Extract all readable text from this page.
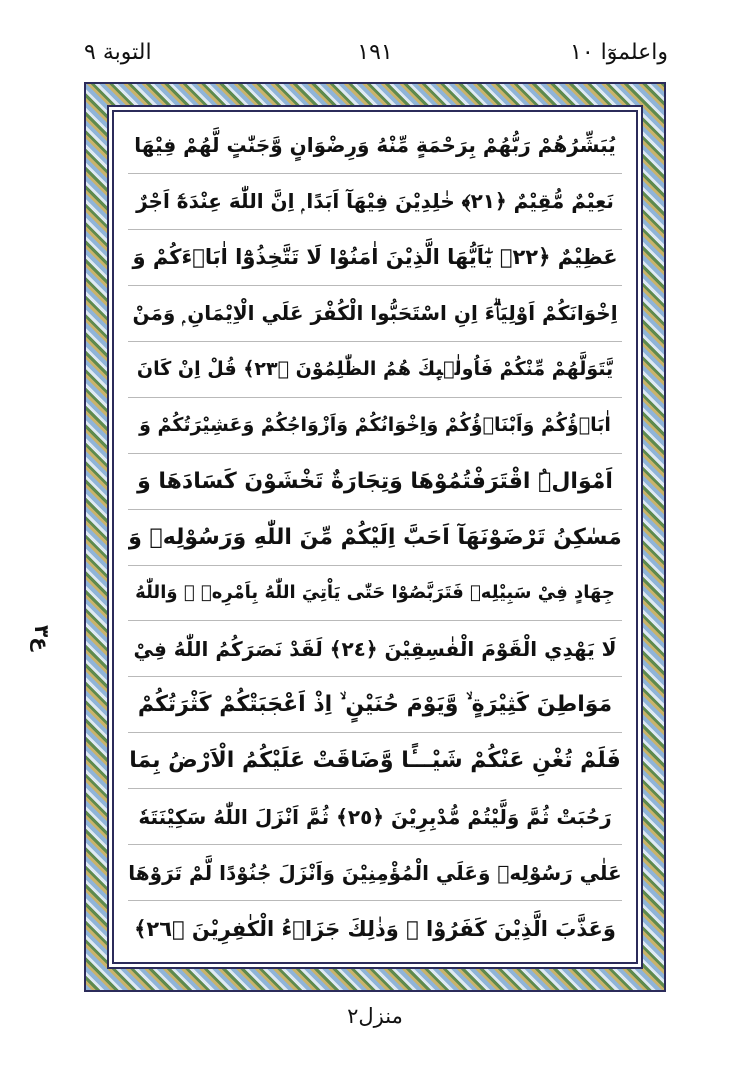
واعلموٓا ١٠
١٩١
التوبة ٩
ع٣
يُبَشِّرُهُمْ رَبُّهُمْ بِرَحْمَةٍ مِّنْهُ وَرِضْوَانٍ وَّجَنّٰتٍ لَّهُمْ فِيْهَا
نَعِيْمٌ مُّقِيْمٌ ﴿٢١﴾ خٰلِدِيْنَ فِيْهَآ اَبَدًا ۭ اِنَّ اللّٰهَ عِنْدَهٗٓ اَجْرٌ
عَظِيْمٌ ﴿٢٢﴾ يٰٓاَيُّهَا الَّذِيْنَ اٰمَنُوْا لَا تَتَّخِذُوْٓا اٰبَاۗءَكُمْ وَ
اِخْوَانَكُمْ اَوْلِيَاۗءَ اِنِ اسْتَحَبُّوا الْكُفْرَ عَلَي الْاِيْمَانِ ۭ وَمَنْ
يَّتَوَلَّهُمْ مِّنْكُمْ فَاُولٰۗىِٕكَ هُمُ الظّٰلِمُوْنَ ﴿٢٣﴾ قُلْ اِنْ كَانَ
اٰبَاۗؤُكُمْ وَاَبْنَاۗؤُكُمْ وَاِخْوَانُكُمْ وَاَزْوَاجُكُمْ وَعَشِيْرَتُكُمْ وَ
اَمْوَالُۨ اقْتَرَفْتُمُوْهَا وَتِجَارَةٌ تَخْشَوْنَ كَسَادَهَا وَ
مَسٰكِنُ تَرْضَوْنَهَآ اَحَبَّ اِلَيْكُمْ مِّنَ اللّٰهِ وَرَسُوْلِهٖ وَ
جِهَادٍ فِيْ سَبِيْلِهٖ فَتَرَبَّصُوْا حَتّٰى يَاْتِيَ اللّٰهُ بِاَمْرِهٖ ۭ وَاللّٰهُ
لَا يَهْدِي الْقَوْمَ الْفٰسِقِيْنَ ﴿٢٤﴾ لَقَدْ نَصَرَكُمُ اللّٰهُ فِيْ
مَوَاطِنَ كَثِيْرَةٍ ۙ وَّيَوْمَ حُنَيْنٍ ۙ اِذْ اَعْجَبَتْكُمْ كَثْرَتُكُمْ
فَلَمْ تُغْنِ عَنْكُمْ شَيْـــًٔا وَّضَاقَتْ عَلَيْكُمُ الْاَرْضُ بِمَا
رَحُبَتْ ثُمَّ وَلَّيْتُمْ مُّدْبِرِيْنَ ﴿٢٥﴾ ثُمَّ اَنْزَلَ اللّٰهُ سَكِيْنَتَهٗ
عَلٰي رَسُوْلِهٖ وَعَلَي الْمُؤْمِنِيْنَ وَاَنْزَلَ جُنُوْدًا لَّمْ تَرَوْهَا
وَعَذَّبَ الَّذِيْنَ كَفَرُوْا ۭ وَذٰلِكَ جَزَاۗءُ الْكٰفِرِيْنَ ﴿٢٦﴾
منزل٢
